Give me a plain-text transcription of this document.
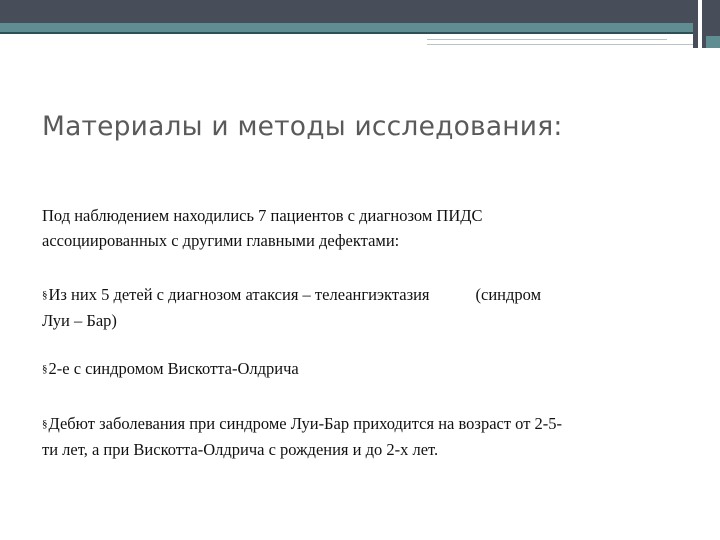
Материалы и методы исследования:

Под наблюдением находились 7 пациентов с диагнозом ПИДС
ассоциированных с другими главными дефектами:

§Из них 5 детей с диагнозом атаксия – телеангиэктазия	(синдром
Луи – Бар)

§2-е с синдромом Вискотта-Олдрича

§Дебют заболевания при синдроме Луи-Бар приходится на возраст от 2-5-
ти лет, а при Вискотта-Олдрича с рождения и до 2-х лет.
